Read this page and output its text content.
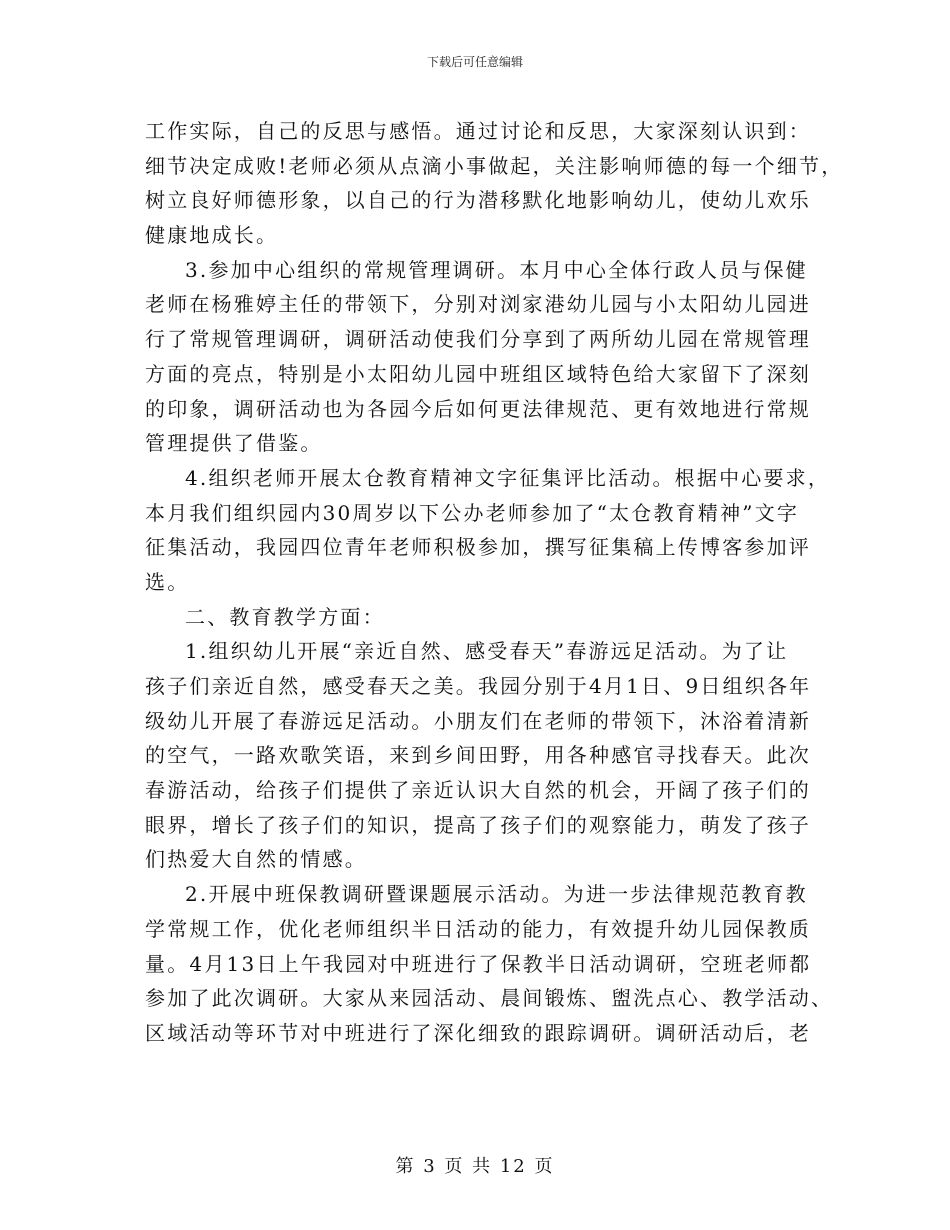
下载后可任意编辑
工作实际，自己的反思与感悟。通过讨论和反思，大家深刻认识到：
细节决定成败!老师必须从点滴小事做起，关注影响师德的每一个细节，
树立良好师德形象，以自己的行为潜移默化地影响幼儿，使幼儿欢乐
健康地成长。
3.参加中心组织的常规管理调研。本月中心全体行政人员与保健
老师在杨雅婷主任的带领下，分别对浏家港幼儿园与小太阳幼儿园进
行了常规管理调研，调研活动使我们分享到了两所幼儿园在常规管理
方面的亮点，特别是小太阳幼儿园中班组区域特色给大家留下了深刻
的印象，调研活动也为各园今后如何更法律规范、更有效地进行常规
管理提供了借鉴。
4.组织老师开展太仓教育精神文字征集评比活动。根据中心要求，
本月我们组织园内30周岁以下公办老师参加了“太仓教育精神”文字
征集活动，我园四位青年老师积极参加，撰写征集稿上传博客参加评
选。
二、教育教学方面：
1.组织幼儿开展“亲近自然、感受春天”春游远足活动。为了让
孩子们亲近自然，感受春天之美。我园分别于4月1日、9日组织各年
级幼儿开展了春游远足活动。小朋友们在老师的带领下，沐浴着清新
的空气，一路欢歌笑语，来到乡间田野，用各种感官寻找春天。此次
春游活动，给孩子们提供了亲近认识大自然的机会，开阔了孩子们的
眼界，增长了孩子们的知识，提高了孩子们的观察能力，萌发了孩子
们热爱大自然的情感。
2.开展中班保教调研暨课题展示活动。为进一步法律规范教育教
学常规工作，优化老师组织半日活动的能力，有效提升幼儿园保教质
量。4月13日上午我园对中班进行了保教半日活动调研，空班老师都
参加了此次调研。大家从来园活动、晨间锻炼、盥洗点心、教学活动、
区域活动等环节对中班进行了深化细致的跟踪调研。调研活动后，老
第 3 页 共 12 页
